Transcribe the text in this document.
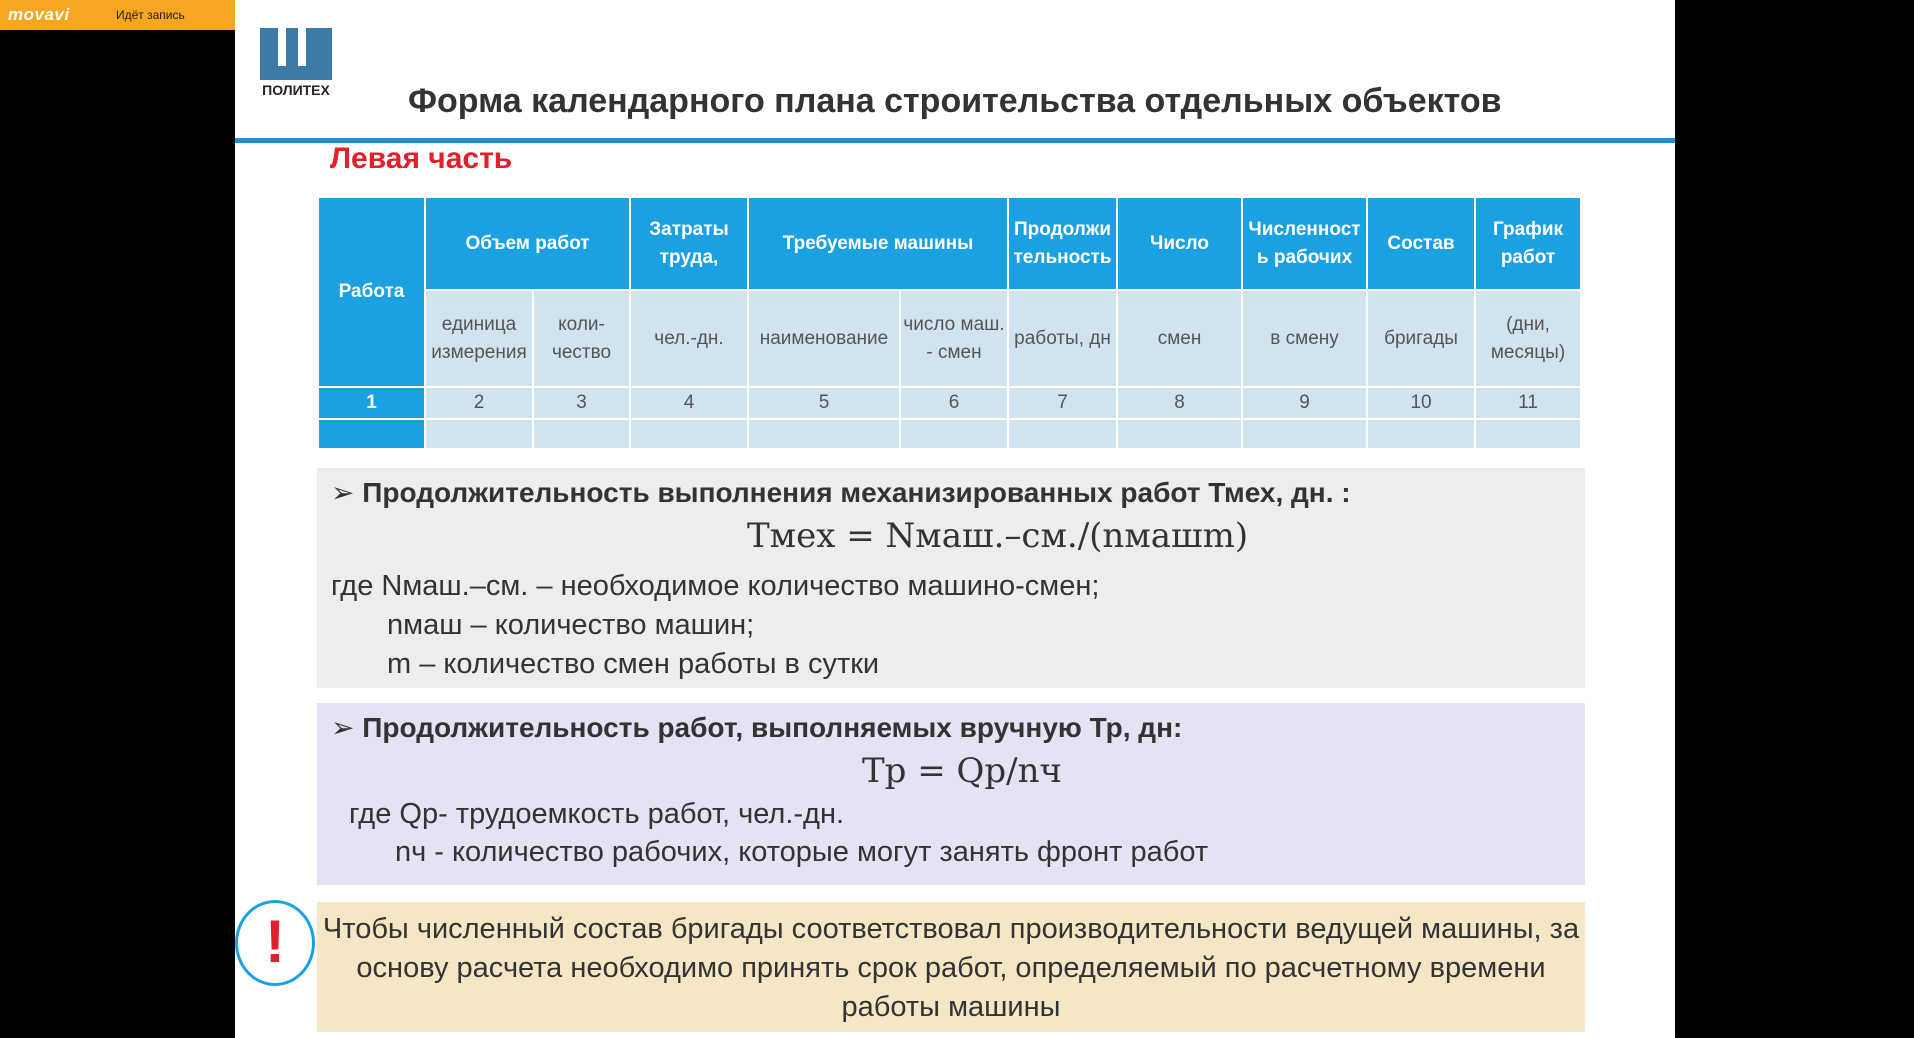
movavi	Идёт запись
ПОЛИТЕХ Форма календарного плана строительства отдельных объектов
Левая часть
Работа	Объем работ		Затраты труда,	Требуемые машины		Продолжи тельность	Число	Численност ь рабочих	Состав	График работ
	единица измерения	коли-чество	чел.-дн.	наименование	число маш. - смен	работы, дн	смен	в смену	бригады	(дни, месяцы)
1	2	3	4	5	6	7	8	9	10	11

➢ Продолжительность выполнения механизированных работ Тмех, дн. :
Тмех = Nмаш.–см./(nмашm)
где Nмаш.–см. – необходимое количество машино-смен;
nмаш – количество машин;
m – количество смен работы в сутки
➢ Продолжительность работ, выполняемых вручную Тр, дн:
Тp = Qр/nч
где Qр- трудоемкость работ, чел.-дн.
nч - количество рабочих, которые могут занять фронт работ
Чтобы численный состав бригады соответствовал производительности ведущей машины, за основу расчета необходимо принять срок работ, определяемый по расчетному времени работы машины
!
